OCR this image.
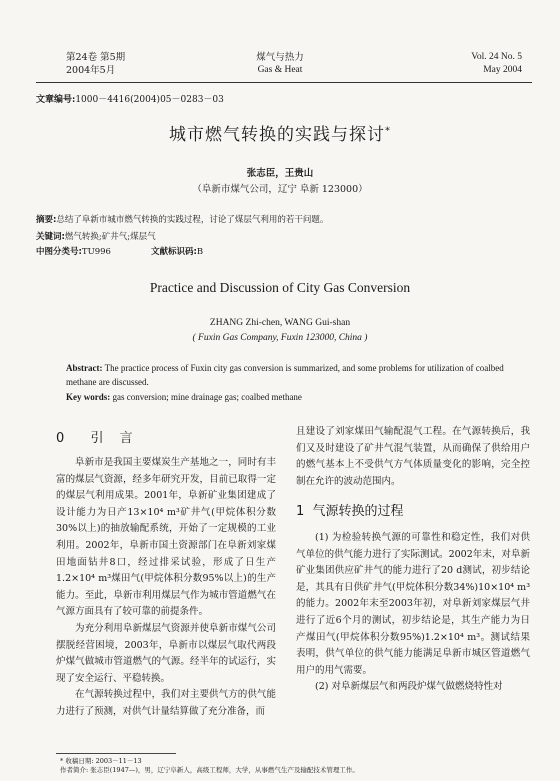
第24卷 第5期
2004年5月
煤气与热力
Gas & Heat
Vol. 24 No. 5
May 2004
文章编号:1000－4416(2004)05－0283－03
城市燃气转换的实践与探讨*
张志臣，王贵山
（阜新市煤气公司，辽宁 阜新 123000）
摘要:总结了阜新市城市燃气转换的实践过程，讨论了煤层气利用的若干问题。
关键词:燃气转换;矿井气;煤层气
中图分类号:TU996	文献标识码:B
Practice and Discussion of City Gas Conversion
ZHANG Zhi-chen, WANG Gui-shan
( Fuxin Gas Company, Fuxin 123000, China )
Abstract: The practice process of Fuxin city gas conversion is summarized, and some problems for utilization of coalbed methane are discussed.
Key words: gas conversion; mine drainage gas; coalbed methane
0 引 言

阜新市是我国主要煤炭生产基地之一，同时有丰富的煤层气资源，经多年研究开发，目前已取得一定的煤层气利用成果。2001年，阜新矿业集团建成了设计能力为日产13×10⁴ m³矿井气(甲烷体积分数30%以上)的抽放输配系统，开始了一定规模的工业利用。2002年，阜新市国土资源部门在阜新刘家煤田地面钻井8口，经过排采试验，形成了日生产1.2×10⁴ m³煤田气(甲烷体积分数95%以上)的生产能力。至此，阜新市利用煤层气作为城市管道燃气在气源方面具有了较可靠的前提条件。

为充分利用阜新煤层气资源并使阜新市煤气公司摆脱经营困境，2003年，阜新市以煤层气取代两段炉煤气做城市管道燃气的气源。经半年的试运行，实现了安全运行、平稳转换。

在气源转换过程中，我们对主要供气方的供气能力进行了预测，对供气计量结算做了充分准备，而

且建设了刘家煤田气输配混气工程。在气源转换后，我们又及时建设了矿井气混气装置，从而确保了供给用户的燃气基本上不受供气方气体质量变化的影响，完全控制在允许的波动范围内。

1 气源转换的过程

(1) 为检验转换气源的可靠性和稳定性，我们对供气单位的供气能力进行了实际测试。2002年末，对阜新矿业集团供应矿井气的能力进行了20 d测试，初步结论是，其具有日供矿井气(甲烷体积分数34%)10×10⁴ m³的能力。2002年末至2003年初，对阜新刘家煤层气井进行了近6个月的测试，初步结论是，其生产能力为日产煤田气(甲烷体积分数95%)1.2×10⁴ m³。测试结果表明，供气单位的供气能力能满足阜新市城区管道燃气用户的用气需要。

(2) 对阜新煤层气和两段炉煤气做燃烧特性对

* 收稿日期: 2003－11－13
作者简介: 张志臣(1947—)，男，辽宁阜新人，高级工程师，大学，从事燃气生产及输配技术管理工作。
